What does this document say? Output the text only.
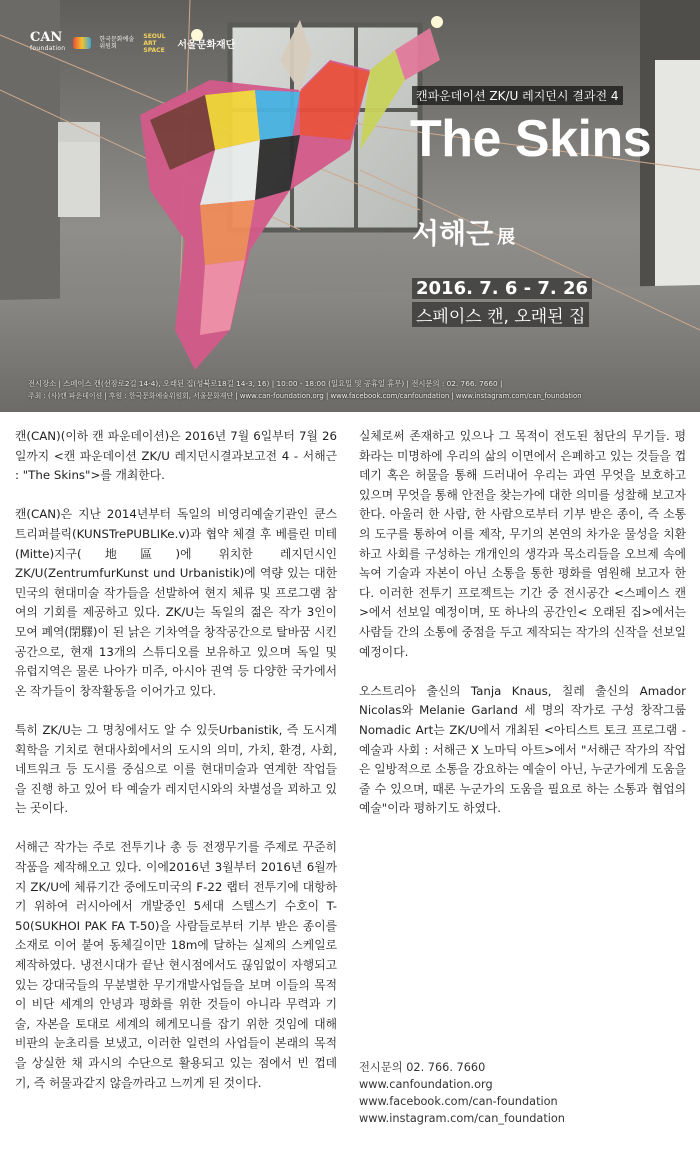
CAN
foundation
한국문화예술위원회
SEOUL ART SPACE	서울문화재단
캔파운데이션 ZK/U 레지던시 결과전 4
The Skins
서해근 展
2016. 7. 6 - 7. 26
스페이스 캔, 오래된 집
전시장소 | 스페이스 캔(선잠로2길 14-4), 오래된 집(성북로18길 14-3, 16) | 10:00 - 18:00 (일요일 및 공휴일 휴무) | 전시문의 : 02. 766. 7660 |
주최 : (사)캔 파운데이션 | 후원 : 한국문화예술위원회, 서울문화재단 | www.can-foundation.org | www.facebook.com/canfoundation | www.instagram.com/can_foundation

캔(CAN)(이하 캔 파운데이션)은 2016년 7월 6일부터 7월 26일까지 <캔 파운데이션 ZK/U 레지던시결과보고전 4 - 서해근 : "The Skins">를 개최한다.

캔(CAN)은 지난 2014년부터 독일의 비영리예술기관인 쿤스트리퍼블릭(KUNSTrePUBLIKe.v)과 협약 체결 후 베를린 미테(Mitte)지구(地區)에 위치한 레지던시인 ZK/U(ZentrumfurKunst und Urbanistik)에 역량 있는 대한민국의 현대미술 작가들을 선발하여 현지 체류 및 프로그램 참여의 기회를 제공하고 있다. ZK/U는 독일의 젊은 작가 3인이 모여 폐역(閉驛)이 된 낡은 기차역을 창작공간으로 탈바꿈 시킨 공간으로, 현재 13개의 스튜디오를 보유하고 있으며 독일 및 유럽지역은 물론 나아가 미주, 아시아 권역 등 다양한 국가에서 온 작가들이 창작활동을 이어가고 있다.

특히 ZK/U는 그 명칭에서도 알 수 있듯Urbanistik, 즉 도시계획학을 기치로 현대사회에서의 도시의 의미, 가치, 환경, 사회, 네트워크 등 도시를 중심으로 이를 현대미술과 연계한 작업들을 진행 하고 있어 타 예술가 레지던시와의 차별성을 꾀하고 있는 곳이다.

서해근 작가는 주로 전투기나 총 등 전쟁무기를 주제로 꾸준히 작품을 제작해오고 있다. 이에2016년 3월부터 2016년 6월까지 ZK/U에 체류기간 중에도미국의 F-22 랩터 전투기에 대항하기 위하여 러시아에서 개발중인 5세대 스텔스기 수호이 T-50(SUKHOI PAK FA T-50)을 사람들로부터 기부 받은 종이를 소재로 이어 붙여 동체길이만 18m에 달하는 실제의 스케일로 제작하였다. 냉전시대가 끝난 현시점에서도 끊임없이 자행되고 있는 강대국들의 무분별한 무기개발사업들을 보며 이들의 목적이 비단 세계의 안녕과 평화를 위한 것들이 아니라 무력과 기술, 자본을 토대로 세계의 헤게모니를 잡기 위한 것임에 대해 비판의 눈초리를 보냈고, 이러한 일련의 사업들이 본래의 목적을 상실한 채 과시의 수단으로 활용되고 있는 점에서 빈 껍데기, 즉 허물과같지 않을까라고 느끼게 된 것이다.

실체로써 존재하고 있으나 그 목적이 전도된 첨단의 무기들. 평화라는 미명하에 우리의 삶의 이면에서 은폐하고 있는 것들을 껍데기 혹은 허물을 통해 드러내어 우리는 과연 무엇을 보호하고 있으며 무엇을 통해 안전을 찾는가에 대한 의미를 성찰해 보고자 한다. 아울러 한 사람, 한 사람으로부터 기부 받은 종이, 즉 소통의 도구를 통하여 이를 제작, 무기의 본연의 차가운 물성을 치환하고 사회를 구성하는 개개인의 생각과 목소리들을 오브제 속에 녹여 기술과 자본이 아닌 소통을 통한 평화를 염원해 보고자 한다. 이러한 전투기 프로젝트는 기간 중 전시공간 <스페이스 캔>에서 선보일 예정이며, 또 하나의 공간인< 오래된 집>에서는 사람들 간의 소통에 중점을 두고 제작되는 작가의 신작을 선보일 예정이다.

오스트리아 출신의 Tanja Knaus, 칠레 출신의 Amador Nicolas와 Melanie Garland 세 명의 작가로 구성 창작그룹 Nomadic Art는 ZK/U에서 개최된 <아티스트 토크 프로그램 - 예술과 사회 : 서해근 X 노마딕 아트>에서 "서해근 작가의 작업은 일방적으로 소통을 강요하는 예술이 아닌, 누군가에게 도움을 줄 수 있으며, 때론 누군가의 도움을 필요로 하는 소통과 협업의 예술"이라 평하기도 하였다.

전시문의 02. 766. 7660
www.canfoundation.org
www.facebook.com/can-foundation
www.instagram.com/can_foundation
